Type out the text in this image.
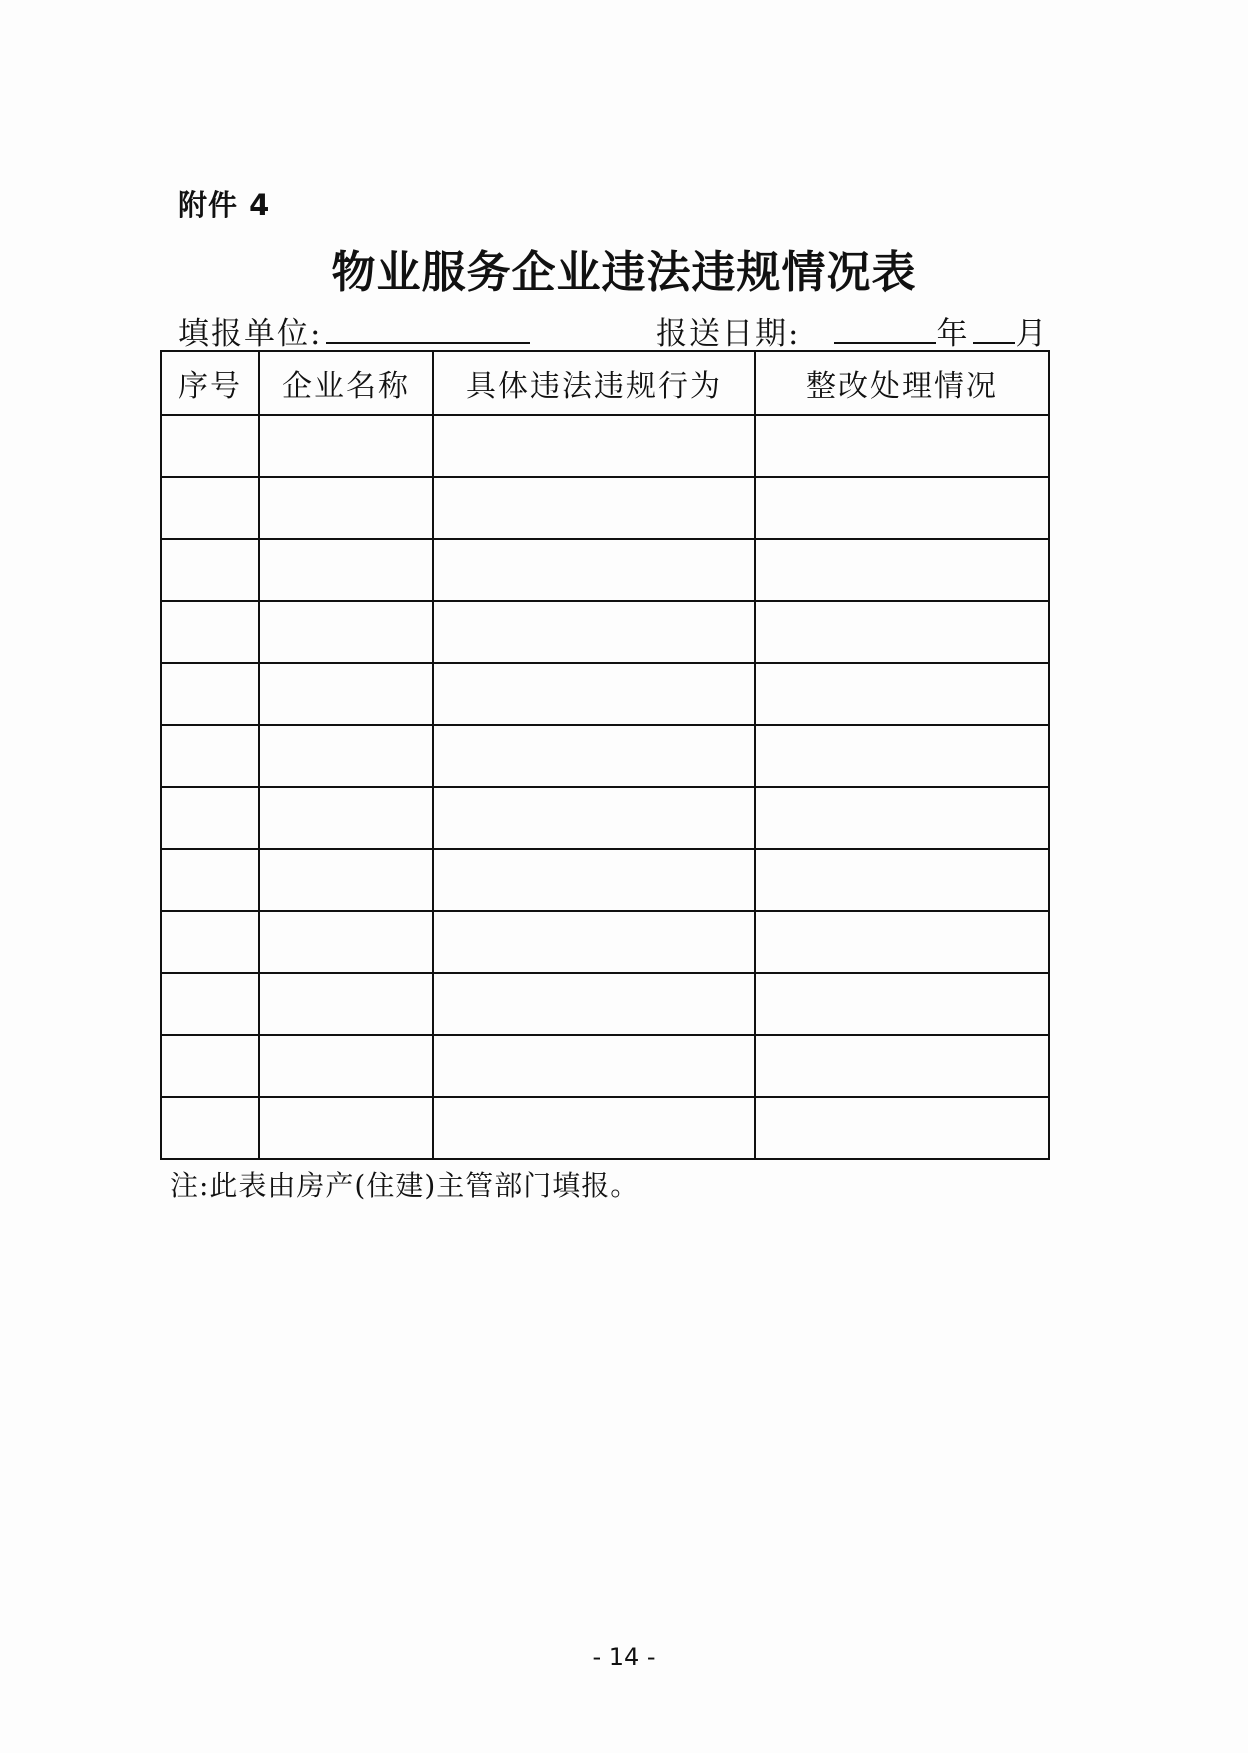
附件 4
物业服务企业违法违规情况表
填报单位:	报送日期:	年 月
序号	企业名称	具体违法违规行为	整改处理情况

注:此表由房产(住建)主管部门填报。
- 14 -
